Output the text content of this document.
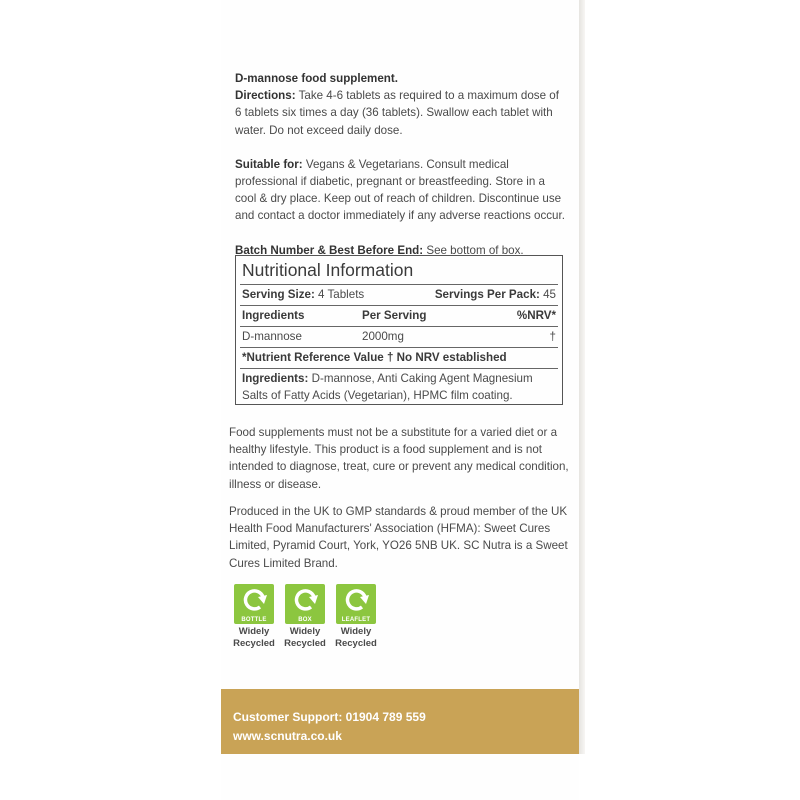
D-mannose food supplement.

Directions: Take 4-6 tablets as required to a maximum dose of 6 tablets six times a day (36 tablets). Swallow each tablet with water. Do not exceed daily dose.

Suitable for: Vegans & Vegetarians. Consult medical professional if diabetic, pregnant or breastfeeding. Store in a cool & dry place. Keep out of reach of children. Discontinue use and contact a doctor immediately if any adverse reactions occur.

Batch Number & Best Before End: See bottom of box.

Nutritional Information
Serving Size: 4 Tablets	Servings Per Pack: 45
Ingredients	Per Serving	%NRV*
D-mannose	2000mg	†
*Nutrient Reference Value † No NRV established
Ingredients: D-mannose, Anti Caking Agent Magnesium Salts of Fatty Acids (Vegetarian), HPMC film coating.

Food supplements must not be a substitute for a varied diet or a healthy lifestyle. This product is a food supplement and is not intended to diagnose, treat, cure or prevent any medical condition, illness or disease.

Produced in the UK to GMP standards & proud member of the UK Health Food Manufacturers' Association (HFMA): Sweet Cures Limited, Pyramid Court, York, YO26 5NB UK. SC Nutra is a Sweet Cures Limited Brand.

BOTTLE
Widely
Recycled
BOX
Widely
Recycled
LEAFLET
Widely
Recycled
Customer Support: 01904 789 559
www.scnutra.co.uk
